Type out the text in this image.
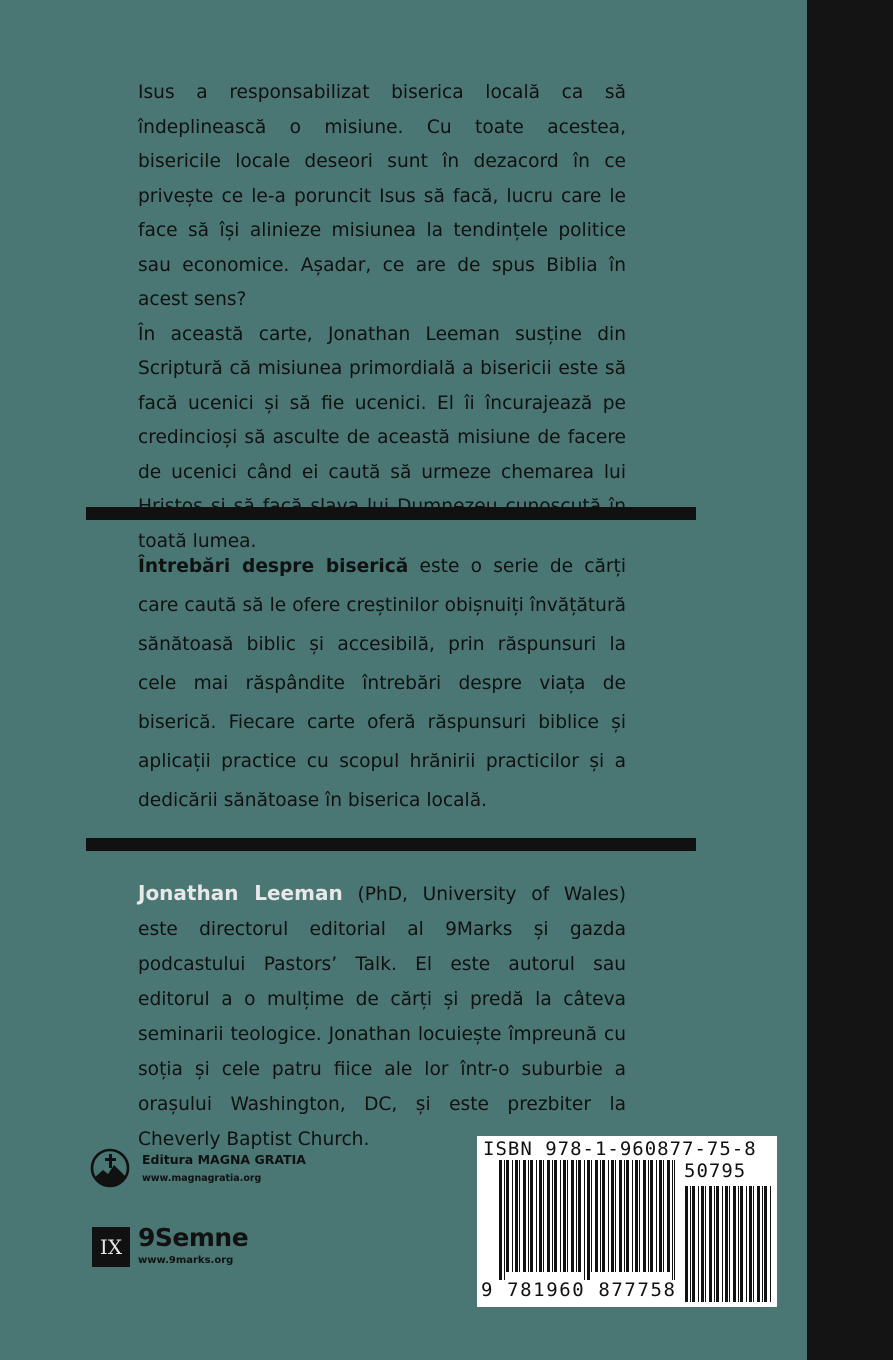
Isus a responsabilizat biserica locală ca să îndeplinească o misiune. Cu toate acestea, bisericile locale deseori sunt în dezacord în ce privește ce le-a poruncit Isus să facă, lucru care le face să își alinieze misiunea la tendințele politice sau economice. Așadar, ce are de spus Biblia în acest sens?

În această carte, Jonathan Leeman susține din Scriptură că misiunea primordială a bisericii este să facă ucenici și să fie ucenici. El îi încurajează pe credincioși să asculte de această misiune de facere de ucenici când ei caută să urmeze chemarea lui toată lumea.

Întrebări despre biserică este o serie de cărți care caută să le ofere creștinilor obișnuiți învățătură sănătoasă biblic și accesibilă, prin răspunsuri la cele mai răspândite întrebări despre viața de biserică. Fiecare carte oferă răspunsuri biblice și aplicații practice cu scopul hrănirii practicilor și a dedicării sănătoase în biserica locală.
Jonathan Leeman (PhD, University of Wales) este directorul editorial al 9Marks și gazda podcastului Pastors’ Talk. El este autorul sau editorul a o mulțime de cărți și predă la câteva seminarii teologice. Jonathan locuiește împreună cu soția și cele patru fiice ale lor într-o suburbie a orașului Washington, DC, și este prezbiter la Cheverly Baptist Church.
Editura MAGNA GRATIA
www.magnagratia.org
IX 9Semne
www.9marks.org
ISBN 978-1-960877-75-8
50795
9 781960 877758
